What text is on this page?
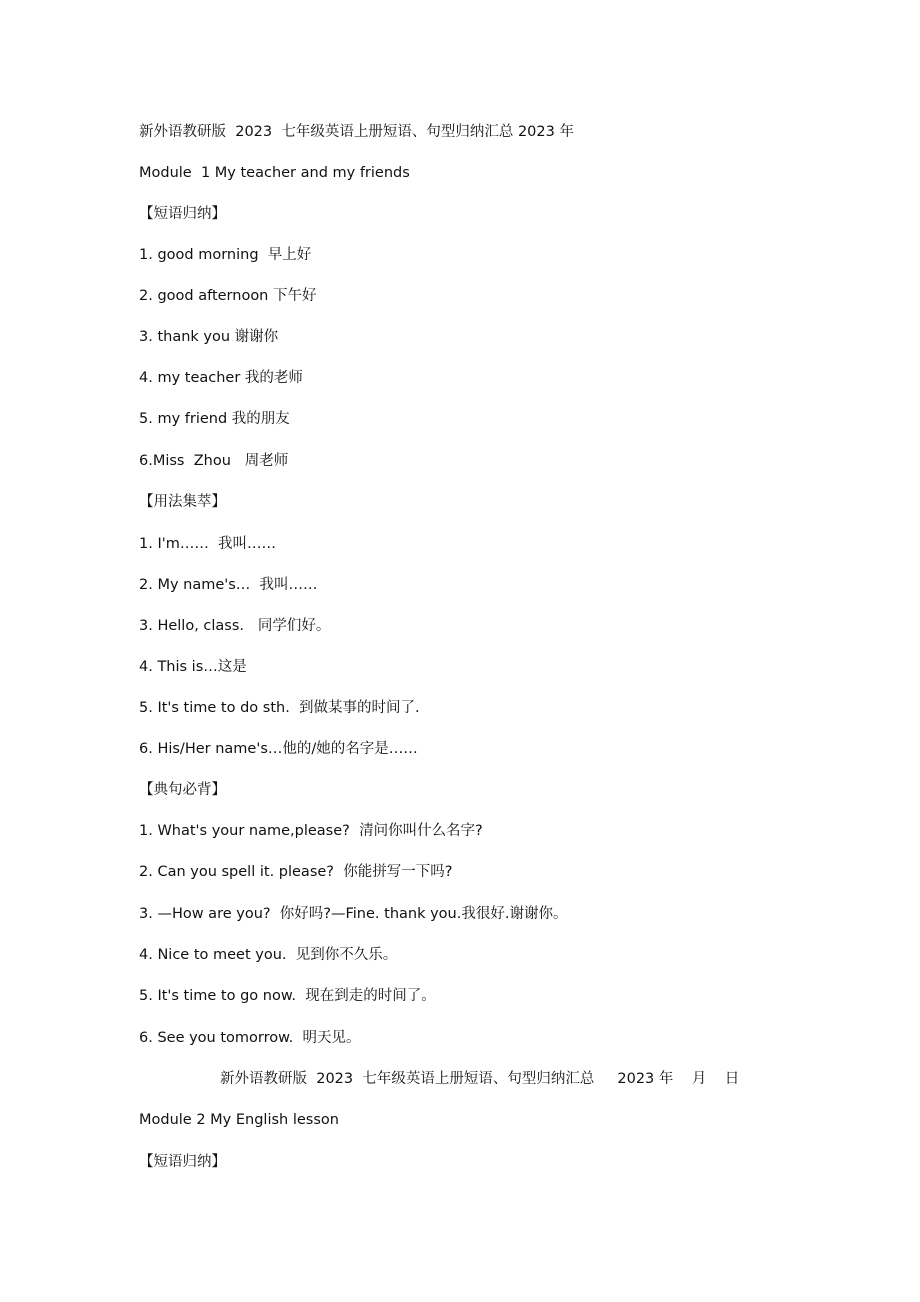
新外语教研版  2023  七年级英语上册短语、句型归纳汇总 2023 年
Module  1 My teacher and my friends
【短语归纳】
1. good morning  早上好
2. good afternoon 下午好
3. thank you 谢谢你
4. my teacher 我的老师
5. my friend 我的朋友
6.Miss  Zhou   周老师
【用法集萃】
1. I'm……  我叫……
2. My name's…  我叫……
3. Hello, class.   同学们好。
4. This is…这是
5. It's time to do sth.  到做某事的时间了.
6. His/Her name's…他的/她的名字是……
【典句必背】
1. What's your name,please?  清问你叫什么名字?
2. Can you spell it. please?  你能拼写一下吗?
3. —How are you?  你好吗?—Fine. thank you.我很好.谢谢你。
4. Nice to meet you.  见到你不久乐。
5. It's time to go now.  现在到走的时间了。
6. See you tomorrow.  明天见。
新外语教研版  2023  七年级英语上册短语、句型归纳汇总     2023 年    月    日
Module 2 My English lesson
【短语归纳】
